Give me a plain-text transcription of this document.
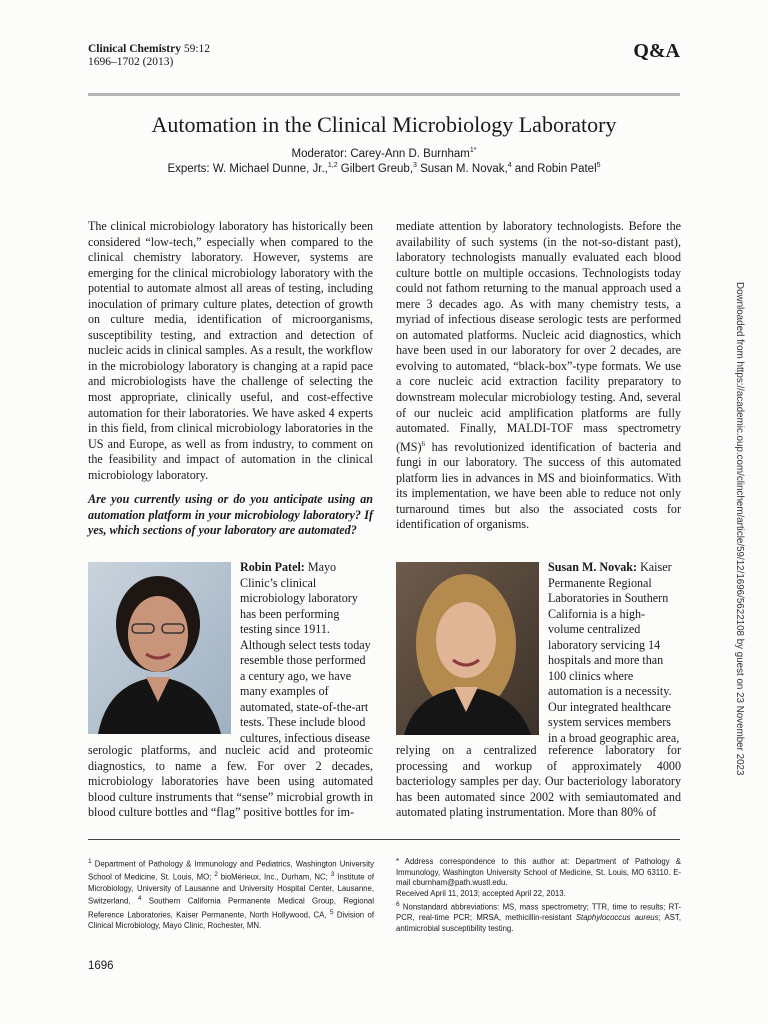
Clinical Chemistry 59:12
1696–1702 (2013)	Q&A
Automation in the Clinical Microbiology Laboratory
Moderator: Carey-Ann D. Burnham$^{1*}$
Experts: W. Michael Dunne, Jr.,$^{1,2}$ Gilbert Greub,$^3$ Susan M. Novak,$^4$ and Robin Patel$^5$

The clinical microbiology laboratory has historically been considered “low-tech,” especially when compared to the clinical chemistry laboratory. However, systems are emerging for the clinical microbiology laboratory with the potential to automate almost all areas of testing, including inoculation of primary culture plates, detection of growth on culture media, identification of microorganisms, susceptibility testing, and extraction and detection of nucleic acids in clinical samples. As a result, the workflow in the microbiology laboratory is changing at a rapid pace and microbiologists have the challenge of selecting the most appropriate, clinically useful, and cost-effective automation for their laboratories. We have asked 4 experts in this field, from clinical microbiology laboratories in the US and Europe, as well as from industry, to comment on the feasibility and impact of automation in the clinical microbiology laboratory.

Are you currently using or do you anticipate using an automation platform in your microbiology laboratory? If yes, which sections of your laboratory are automated?

Robin Patel: Mayo Clinic’s clinical microbiology laboratory has been performing testing since 1911. Although select tests today resemble those performed a century ago, we have many examples of automated, state-of-the-art tests. These include blood cultures, infectious disease

serologic platforms, and nucleic acid and proteomic diagnostics, to name a few. For over 2 decades, microbiology laboratories have been using automated blood culture instruments that “sense” microbial growth in blood culture bottles and “flag” positive bottles for im-

mediate attention by laboratory technologists. Before the availability of such systems (in the not-so-distant past), laboratory technologists manually evaluated each blood culture bottle on multiple occasions. Technologists today could not fathom returning to the manual approach used a mere 3 decades ago. As with many chemistry tests, a myriad of infectious disease serologic tests are performed on automated platforms. Nucleic acid diagnostics, which have been used in our laboratory for over 2 decades, are evolving to automated, “black-box”-type formats. We use a core nucleic acid extraction facility preparatory to downstream molecular microbiology testing. And, several of our nucleic acid amplification platforms are fully automated. Finally, MALDI-TOF mass spectrometry (MS)$^6$ has revolutionized identification of bacteria and fungi in our laboratory. The success of this automated platform lies in advances in MS and bioinformatics. With its implementation, we have been able to reduce not only turnaround times but also the associated costs for identification of organisms.

Susan M. Novak: Kaiser Permanente Regional Laboratories in Southern California is a high-volume centralized laboratory servicing 14 hospitals and more than 100 clinics where automation is a necessity. Our integrated healthcare system services members in a broad geographic area,

relying on a centralized reference laboratory for processing and workup of approximately 4000 bacteriology samples per day. Our bacteriology laboratory has been automated since 2002 with semiautomated and automated plating instrumentation. More than 80% of

$^1$ Department of Pathology & Immunology and Pediatrics, Washington University School of Medicine, St. Louis, MO; $^2$ bioMérieux, Inc., Durham, NC; $^3$ Institute of Microbiology, University of Lausanne and University Hospital Center, Lausanne, Switzerland, $^4$ Southern California Permanente Medical Group, Regional Reference Laboratories, Kaiser Permanente, North Hollywood, CA, $^5$ Division of Clinical Microbiology, Mayo Clinic, Rochester, MN.

* Address correspondence to this author at: Department of Pathology & Immunology, Washington University School of Medicine, St. Louis, MO 63110. E-mail cburnham@path.wustl.edu.

Received April 11, 2013; accepted April 22, 2013.

$^6$ Nonstandard abbreviations: MS, mass spectrometry; TTR, time to results; RT-PCR, real-time PCR; MRSA, methicillin-resistant Staphylococcus aureus; AST, antimicrobial susceptibility testing.

1696
Downloaded from https://academic.oup.com/clinchem/article/59/12/1696/5622108 by guest on 23 November 2023
